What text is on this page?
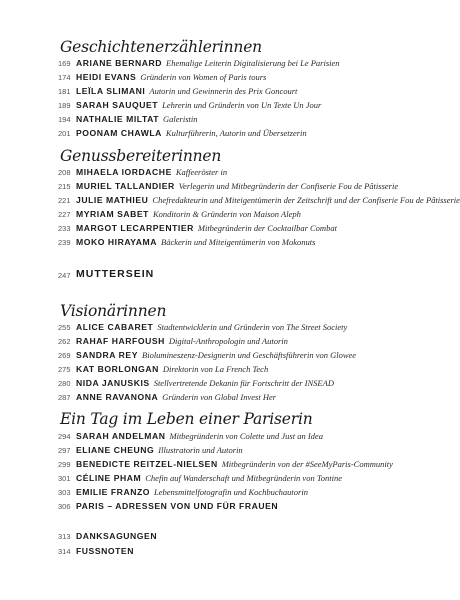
Geschichtenerzählerinnen
169 ARIANE BERNARD Ehemalige Leiterin Digitalisierung bei Le Parisien
174 HEIDI EVANS Gründerin von Women of Paris tours
181 LEÏLA SLIMANI Autorin und Gewinnerin des Prix Goncourt
189 SARAH SAUQUET Lehrerin und Gründerin von Un Texte Un Jour
194 NATHALIE MILTAT Galeristin
201 POONAM CHAWLA Kulturführerin, Autorin und Übersetzerin
Genussbereiterinnen
208 MIHAELA IORDACHE Kaffeeröster in
215 MURIEL TALLANDIER Verlegerin und Mitbegründerin der Confiserie Fou de Pâtisserie
221 JULIE MATHIEU Chefredakteurin und Miteigentümerin der Zeitschrift und der Confiserie Fou de Pâtisserie
227 MYRIAM SABET Konditorin & Gründerin von Maison Aleph
233 MARGOT LECARPENTIER Mitbegründerin der Cocktailbar Combat
239 MOKO HIRAYAMA Bäckerin und Miteigentümerin von Mokonuts
247 MUTTERSEIN
Visionärinnen
255 ALICE CABARET Stadtentwicklerin und Gründerin von The Street Society
262 RAHAF HARFOUSH Digital-Anthropologin und Autorin
269 SANDRA REY Biolumineszenz-Designerin und Geschäftsführerin von Glowee
275 KAT BORLONGAN Direktorin von La French Tech
280 NIDA JANUSKIS Stellvertretende Dekanin für Fortschritt der INSEAD
287 ANNE RAVANONA Gründerin von Global Invest Her
Ein Tag im Leben einer Pariserin
294 SARAH ANDELMAN Mitbegründerin von Colette und Just an Idea
297 ELIANE CHEUNG Illustratorin und Autorin
299 BENEDICTE REITZEL-NIELSEN Mitbegründerin von der #SeeMyParis-Community
301 CÉLINE PHAM Chefin auf Wanderschaft und Mitbegründerin von Tontine
303 EMILIE FRANZO Lebensmittelfotografin und Kochbuchautorin
306 PARIS – ADRESSEN VON UND FÜR FRAUEN
313 DANKSAGUNGEN
314 FUSSNOTEN
